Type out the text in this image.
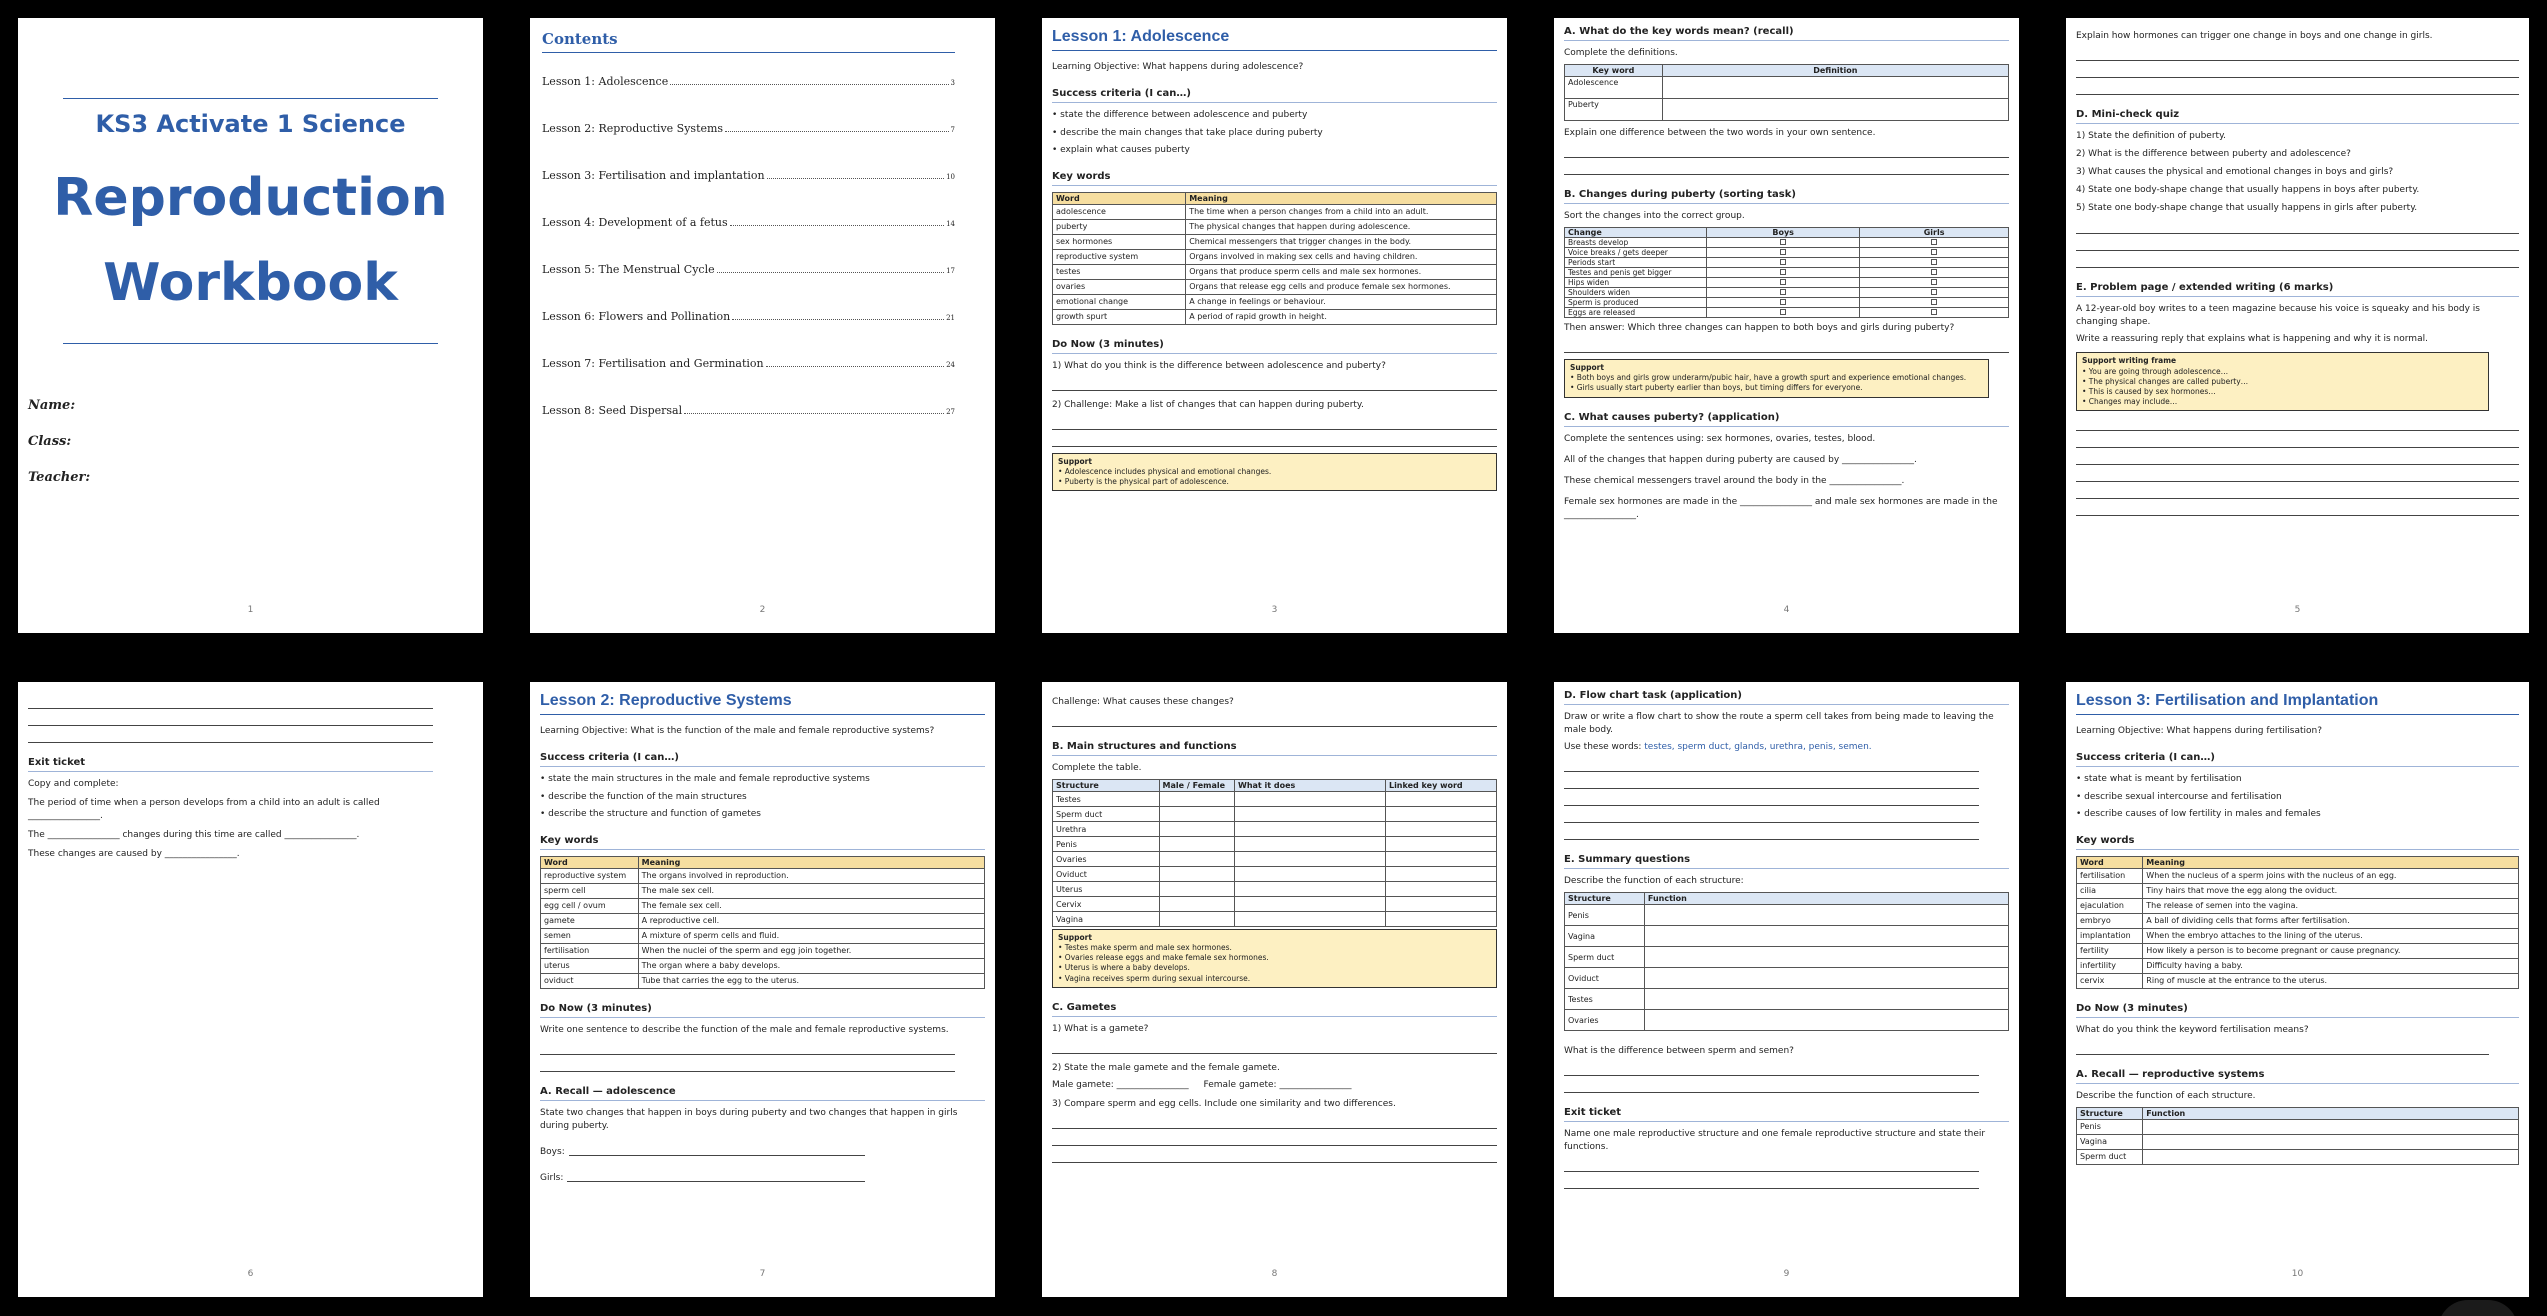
KS3 Activate 1 Science
Reproduction
Workbook
Name:
Class:
Teacher:
1
Contents
Lesson 1: Adolescence	3
Lesson 2: Reproductive Systems	7
Lesson 3: Fertilisation and implantation	10
Lesson 4: Development of a fetus	14
Lesson 5: The Menstrual Cycle	17
Lesson 6: Flowers and Pollination	21
Lesson 7: Fertilisation and Germination	24
Lesson 8: Seed Dispersal	27
2
Lesson 1: Adolescence
Learning Objective: What happens during adolescence?
Success criteria (I can…)
• state the difference between adolescence and puberty
• describe the main changes that take place during puberty
• explain what causes puberty
Key words
Word	Meaning
adolescence	The time when a person changes from a child into an adult.
puberty	The physical changes that happen during adolescence.
sex hormones	Chemical messengers that trigger changes in the body.
reproductive system	Organs involved in making sex cells and having children.
testes	Organs that produce sperm cells and male sex hormones.
ovaries	Organs that release egg cells and produce female sex hormones.
emotional change	A change in feelings or behaviour.
growth spurt	A period of rapid growth in height.
Do Now (3 minutes)
1) What do you think is the difference between adolescence and puberty?
2) Challenge: Make a list of changes that can happen during puberty.
Support
• Adolescence includes physical and emotional changes.
• Puberty is the physical part of adolescence.
3
A. What do the key words mean? (recall)
Complete the definitions.
Key word	Definition
Adolescence	
Puberty	
Explain one difference between the two words in your own sentence.
B. Changes during puberty (sorting task)
Sort the changes into the correct group.
Change	Boys	Girls
Breasts develop		
Voice breaks / gets deeper		
Periods start		
Testes and penis get bigger		
Hips widen		
Shoulders widen		
Sperm is produced		
Eggs are released		
Then answer: Which three changes can happen to both boys and girls during puberty?
Support
• Both boys and girls grow underarm/pubic hair, have a growth spurt and experience emotional changes.
• Girls usually start puberty earlier than boys, but timing differs for everyone.
C. What causes puberty? (application)
Complete the sentences using: sex hormones, ovaries, testes, blood.
All of the changes that happen during puberty are caused by ________________.
These chemical messengers travel around the body in the ________________.
Female sex hormones are made in the ________________ and male sex hormones are made in the ________________.
4
Explain how hormones can trigger one change in boys and one change in girls.
D. Mini-check quiz
1) State the definition of puberty.
2) What is the difference between puberty and adolescence?
3) What causes the physical and emotional changes in boys and girls?
4) State one body-shape change that usually happens in boys after puberty.
5) State one body-shape change that usually happens in girls after puberty.
E. Problem page / extended writing (6 marks)
A 12-year-old boy writes to a teen magazine because his voice is squeaky and his body is changing shape.
Write a reassuring reply that explains what is happening and why it is normal.
Support writing frame
• You are going through adolescence…
• The physical changes are called puberty…
• This is caused by sex hormones…
• Changes may include…
5
Exit ticket
Copy and complete:
The period of time when a person develops from a child into an adult is called ________________.
The ________________ changes during this time are called ________________.
These changes are caused by ________________.
6
Lesson 2: Reproductive Systems
Learning Objective: What is the function of the male and female reproductive systems?
Success criteria (I can…)
• state the main structures in the male and female reproductive systems
• describe the function of the main structures
• describe the structure and function of gametes
Key words
Word	Meaning
reproductive system	The organs involved in reproduction.
sperm cell	The male sex cell.
egg cell / ovum	The female sex cell.
gamete	A reproductive cell.
semen	A mixture of sperm cells and fluid.
fertilisation	When the nuclei of the sperm and egg join together.
uterus	The organ where a baby develops.
oviduct	Tube that carries the egg to the uterus.
Do Now (3 minutes)
Write one sentence to describe the function of the male and female reproductive systems.
A. Recall — adolescence
State two changes that happen in boys during puberty and two changes that happen in girls during puberty.
Boys:
Girls:
7
Challenge: What causes these changes?
B. Main structures and functions
Complete the table.
Structure	Male / Female	What it does	Linked key word
Testes			
Sperm duct			
Urethra			
Penis			
Ovaries			
Oviduct			
Uterus			
Cervix			
Vagina			
Support
• Testes make sperm and male sex hormones.
• Ovaries release eggs and make female sex hormones.
• Uterus is where a baby develops.
• Vagina receives sperm during sexual intercourse.
C. Gametes
1) What is a gamete?
2) State the male gamete and the female gamete.
Male gamete: ________________ Female gamete: ________________
3) Compare sperm and egg cells. Include one similarity and two differences.
8
D. Flow chart task (application)
Draw or write a flow chart to show the route a sperm cell takes from being made to leaving the male body.
Use these words: testes, sperm duct, glands, urethra, penis, semen.
E. Summary questions
Describe the function of each structure:
Structure	Function
Penis	
Vagina	
Sperm duct	
Oviduct	
Testes	
Ovaries	
What is the difference between sperm and semen?
Exit ticket
Name one male reproductive structure and one female reproductive structure and state their functions.
9
Lesson 3: Fertilisation and Implantation
Learning Objective: What happens during fertilisation?
Success criteria (I can…)
• state what is meant by fertilisation
• describe sexual intercourse and fertilisation
• describe causes of low fertility in males and females
Key words
Word	Meaning
fertilisation	When the nucleus of a sperm joins with the nucleus of an egg.
cilia	Tiny hairs that move the egg along the oviduct.
ejaculation	The release of semen into the vagina.
embryo	A ball of dividing cells that forms after fertilisation.
implantation	When the embryo attaches to the lining of the uterus.
fertility	How likely a person is to become pregnant or cause pregnancy.
infertility	Difficulty having a baby.
cervix	Ring of muscle at the entrance to the uterus.
Do Now (3 minutes)
What do you think the keyword fertilisation means?
A. Recall — reproductive systems
Describe the function of each structure.
Structure	Function
Penis	
Vagina	
Sperm duct	
10
